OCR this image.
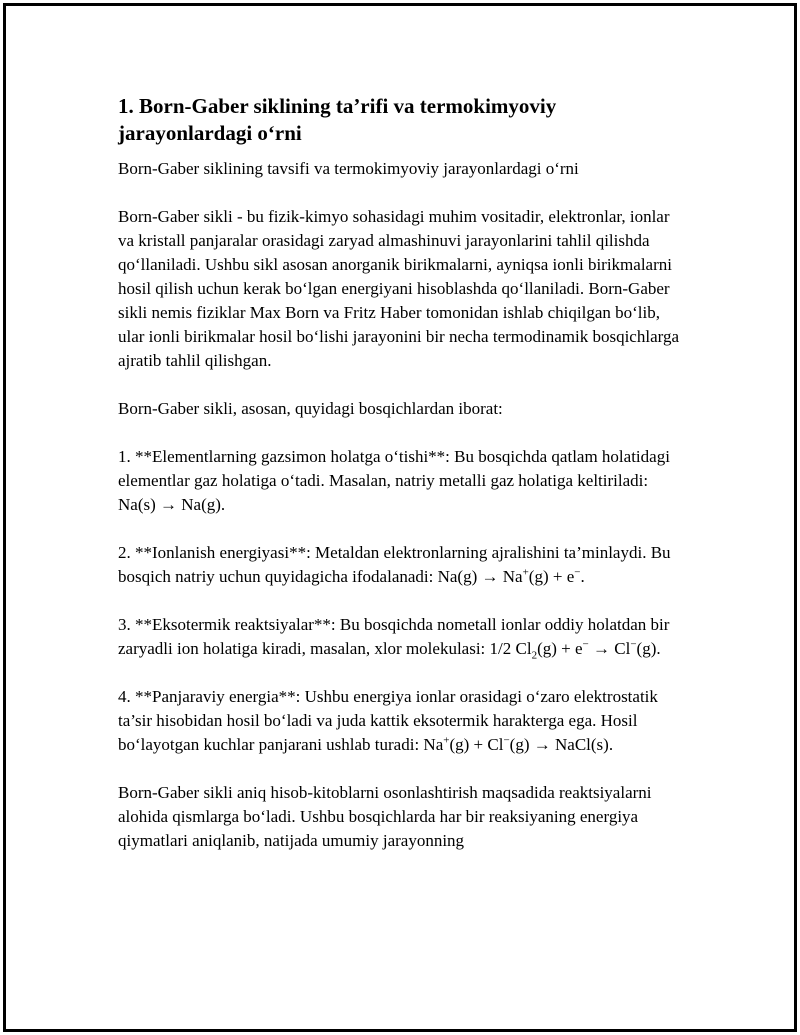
1. Born-Gaber siklining ta’rifi va termokimyoviy jarayonlardagi o‘rni

Born-Gaber siklining tavsifi va termokimyoviy jarayonlardagi o‘rni

Born-Gaber sikli - bu fizik-kimyo sohasidagi muhim vositadir, elektronlar, ionlar va kristall panjaralar orasidagi zaryad almashinuvi jarayonlarini tahlil qilishda qo‘llaniladi. Ushbu sikl asosan anorganik birikmalarni, ayniqsa ionli birikmalarni hosil qilish uchun kerak bo‘lgan energiyani hisoblashda qo‘llaniladi. Born-Gaber sikli nemis fiziklar Max Born va Fritz Haber tomonidan ishlab chiqilgan bo‘lib, ular ionli birikmalar hosil bo‘lishi jarayonini bir necha termodinamik bosqichlarga ajratib tahlil qilishgan.

Born-Gaber sikli, asosan, quyidagi bosqichlardan iborat:

1. **Elementlarning gazsimon holatga o‘tishi**: Bu bosqichda qatlam holatidagi elementlar gaz holatiga o‘tadi. Masalan, natriy metalli gaz holatiga keltiriladi: Na(s) → Na(g).

2. **Ionlanish energiyasi**: Metaldan elektronlarning ajralishini ta’minlaydi. Bu bosqich natriy uchun quyidagicha ifodalanadi: Na(g) → Na+(g) + e−.

3. **Eksotermik reaktsiyalar**: Bu bosqichda nometall ionlar oddiy holatdan bir zaryadli ion holatiga kiradi, masalan, xlor molekulasi: 1/2 $Cl_2(g) + e^- \to Cl^-(g)$.

4. **Panjaraviy energia**: Ushbu energiya ionlar orasidagi o‘zaro elektrostatik ta’sir hisobidan hosil bo‘ladi va juda kattik eksotermik harakterga ega. Hosil bo‘layotgan kuchlar panjarani ushlab turadi: Na+(g) + Cl−(g) → NaCl(s).

Born-Gaber sikli aniq hisob-kitoblarni osonlashtirish maqsadida reaktsiyalarni alohida qismlarga bo‘ladi. Ushbu bosqichlarda har bir reaksiyaning energiya qiymatlari aniqlanib, natijada umumiy jarayonning
